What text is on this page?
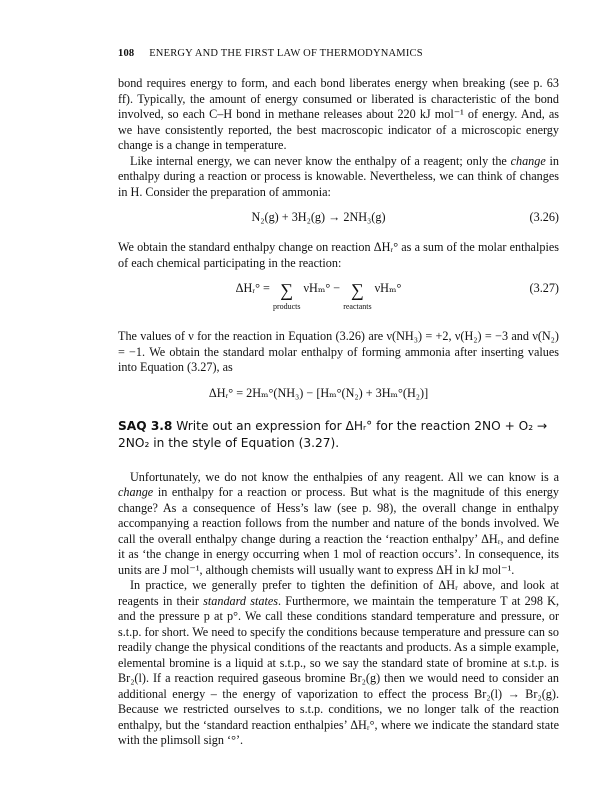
108 ENERGY AND THE FIRST LAW OF THERMODYNAMICS

bond requires energy to form, and each bond liberates energy when breaking (see p. 63 ff). Typically, the amount of energy consumed or liberated is characteristic of the bond involved, so each C–H bond in methane releases about 220 kJ mol⁻¹ of energy. And, as we have consistently reported, the best macroscopic indicator of a microscopic energy change is a change in temperature.

Like internal energy, we can never know the enthalpy of a reagent; only the change in enthalpy during a reaction or process is knowable. Nevertheless, we can think of changes in H. Consider the preparation of ammonia:

N₂(g) + 3H₂(g) → 2NH₃(g)	(3.26)

We obtain the standard enthalpy change on reaction ΔHᵣ° as a sum of the molar enthalpies of each chemical participating in the reaction:

ΔHᵣ° = ∑
products
νHₘ° − ∑
reactants
νHₘ°	(3.27)

The values of ν for the reaction in Equation (3.26) are ν(NH₃) = +2, ν(H₂) = −3 and ν(N₂) = −1. We obtain the standard molar enthalpy of forming ammonia after inserting values into Equation (3.27), as

ΔHᵣ° = 2Hₘ°(NH₃) − [Hₘ°(N₂) + 3Hₘ°(H₂)]
SAQ 3.8 Write out an expression for ΔHᵣ° for the reaction 2NO + O₂ → 2NO₂ in the style of Equation (3.27).

Unfortunately, we do not know the enthalpies of any reagent. All we can know is a change in enthalpy for a reaction or process. But what is the magnitude of this energy change? As a consequence of Hess’s law (see p. 98), the overall change in enthalpy accompanying a reaction follows from the number and nature of the bonds involved. We call the overall enthalpy change during a reaction the ‘reaction enthalpy’ ΔHᵣ, and define it as ‘the change in energy occurring when 1 mol of reaction occurs’. In consequence, its units are J mol⁻¹, although chemists will usually want to express ΔH in kJ mol⁻¹.

In practice, we generally prefer to tighten the definition of ΔHᵣ above, and look at reagents in their standard states. Furthermore, we maintain the temperature T at 298 K, and the pressure p at p°. We call these conditions standard temperature and pressure, or s.t.p. for short. We need to specify the conditions because temperature and pressure can so readily change the physical conditions of the reactants and products. As a simple example, elemental bromine is a liquid at s.t.p., so we say the standard state of bromine at s.t.p. is Br₂(l). If a reaction required gaseous bromine Br₂(g) then we would need to consider an additional energy – the energy of vaporization to effect the process Br₂(l) → Br₂(g). Because we restricted ourselves to s.t.p. conditions, we no longer talk of the reaction enthalpy, but the ‘standard reaction enthalpies’ ΔHᵣ°, where we indicate the standard state with the plimsoll sign ‘°’.
